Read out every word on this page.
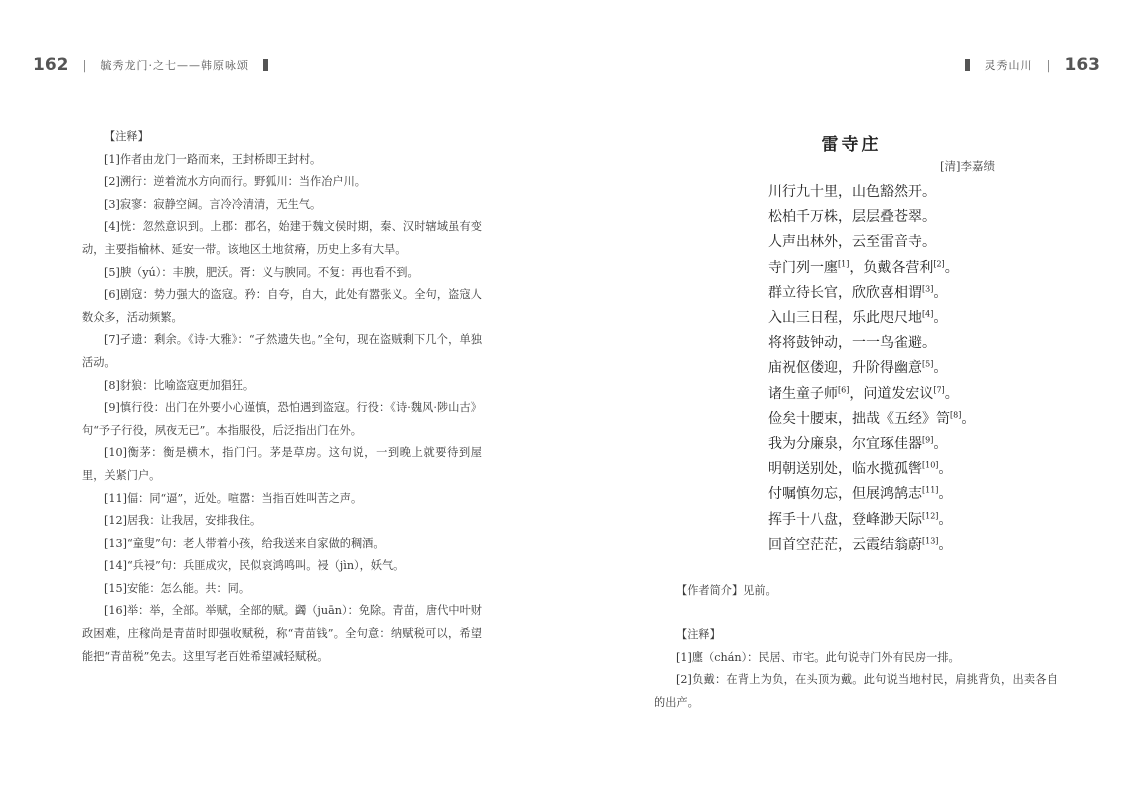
162 | 毓秀龙门·之七——韩原咏颂	灵秀山川 | 163

【注释】

[1]作者由龙门一路而来，王封桥即王封村。

[2]溯行：逆着流水方向而行。野狐川：当作冶户川。

[3]寂寥：寂静空阔。言冷冷清清，无生气。

[4]恍：忽然意识到。上郡：郡名，始建于魏文侯时期，秦、汉时辖域虽有变动，主要指榆林、延安一带。该地区土地贫瘠，历史上多有大旱。

[5]腴（yú）：丰腴，肥沃。胥：义与腴同。不复：再也看不到。

[6]剧寇：势力强大的盗寇。矜：自夸，自大，此处有嚣张义。全句，盗寇人数众多，活动频繁。

[7]孑遗：剩余。《诗·大雅》：“孑然遗失也。”全句，现在盗贼剩下几个，单独活动。

[8]豺狼：比喻盗寇更加猖狂。

[9]慎行役：出门在外要小心谨慎，恐怕遇到盗寇。行役：《诗·魏风·陟山古》句“予子行役，夙夜无已”。本指服役，后泛指出门在外。

[10]衡茅：衡是横木，指门闩。茅是草房。这句说，一到晚上就要待到屋里，关紧门户。

[11]偪：同“逼”，近处。喧嚣：当指百姓叫苦之声。

[12]居我：让我居，安排我住。

[13]“童叟”句：老人带着小孩，给我送来自家做的稠酒。

[14]“兵祲”句：兵匪成灾，民似哀鸿鸣叫。祲（jìn），妖气。

[15]安能：怎么能。共：同。

[16]举：举，全部。举赋，全部的赋。蠲（juān）：免除。青苗，唐代中叶财政困难，庄稼尚是青苗时即强收赋税，称“青苗钱”。全句意：纳赋税可以，希望能把“青苗税”免去。这里写老百姓希望减轻赋税。

雷寺庄
[清]李嘉绩
川行九十里，山色豁然开。
松柏千万株，层层叠苍翠。
人声出林外，云至雷音寺。
寺门列一廛[1]，负戴各营利[2]。
群立待长官，欣欣喜相谓[3]。
入山三日程，乐此咫尺地[4]。
将将鼓钟动，一一鸟雀避。
庙祝伛偻迎，升阶得幽意[5]。
诸生童子师[6]，问道发宏议[7]。
俭矣十腰束，拙哉《五经》笥[8]。
我为分廉泉，尔宜琢佳器[9]。
明朝送别处，临水揽孤辔[10]。
付嘱慎勿忘，但展鸿鹄志[11]。
挥手十八盘，登峰渺天际[12]。
回首空茫茫，云霞结翁蔚[13]。

【作者简介】见前。

【注释】

[1]廛（chán）：民居、市宅。此句说寺门外有民房一排。

[2]负戴：在背上为负，在头顶为戴。此句说当地村民，肩挑背负，出卖各自的出产。
